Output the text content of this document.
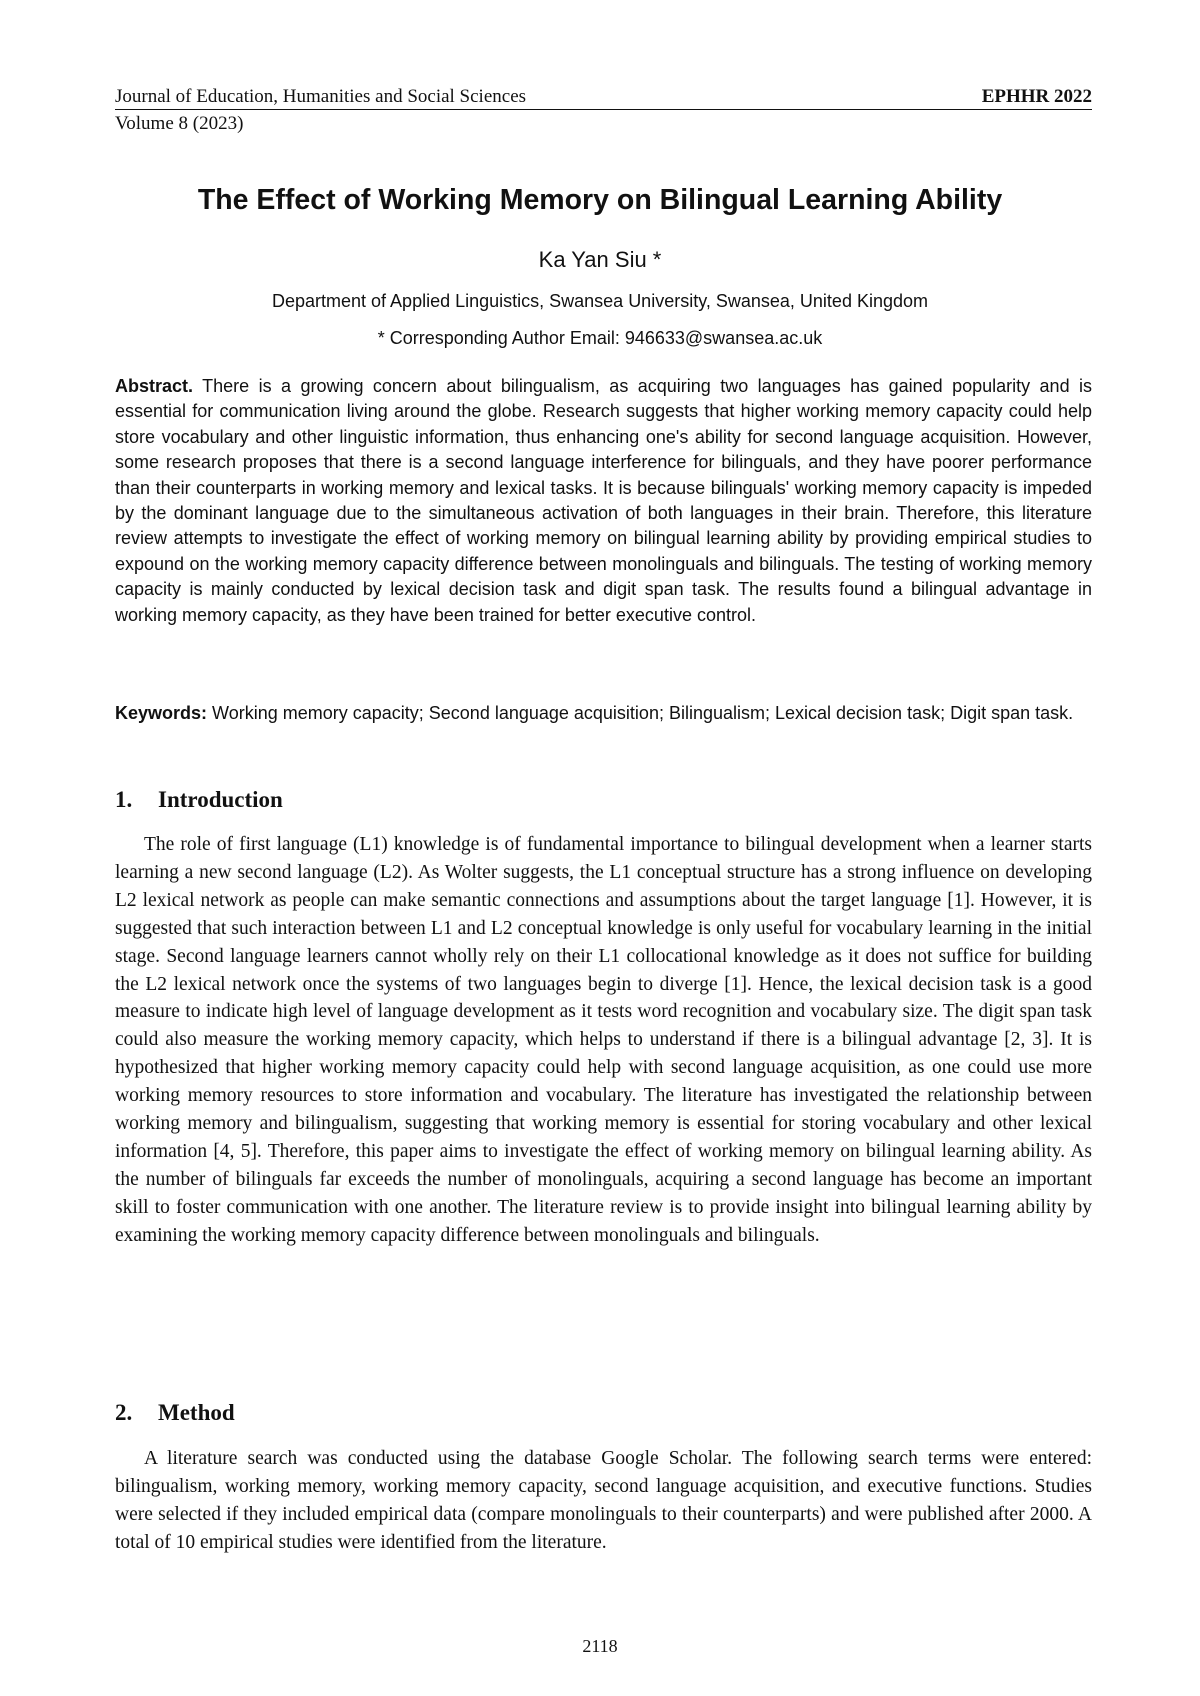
Journal of Education, Humanities and Social Sciences	EPHHR 2022
Volume 8 (2023)
The Effect of Working Memory on Bilingual Learning Ability
Ka Yan Siu *
Department of Applied Linguistics, Swansea University, Swansea, United Kingdom
* Corresponding Author Email: 946633@swansea.ac.uk
Abstract. There is a growing concern about bilingualism, as acquiring two languages has gained popularity and is essential for communication living around the globe. Research suggests that higher working memory capacity could help store vocabulary and other linguistic information, thus enhancing one's ability for second language acquisition. However, some research proposes that there is a second language interference for bilinguals, and they have poorer performance than their counterparts in working memory and lexical tasks. It is because bilinguals' working memory capacity is impeded by the dominant language due to the simultaneous activation of both languages in their brain. Therefore, this literature review attempts to investigate the effect of working memory on bilingual learning ability by providing empirical studies to expound on the working memory capacity difference between monolinguals and bilinguals. The testing of working memory capacity is mainly conducted by lexical decision task and digit span task. The results found a bilingual advantage in working memory capacity, as they have been trained for better executive control.
Keywords: Working memory capacity; Second language acquisition; Bilingualism; Lexical decision task; Digit span task.
1. Introduction
The role of first language (L1) knowledge is of fundamental importance to bilingual development when a learner starts learning a new second language (L2). As Wolter suggests, the L1 conceptual structure has a strong influence on developing L2 lexical network as people can make semantic connections and assumptions about the target language [1]. However, it is suggested that such interaction between L1 and L2 conceptual knowledge is only useful for vocabulary learning in the initial stage. Second language learners cannot wholly rely on their L1 collocational knowledge as it does not suffice for building the L2 lexical network once the systems of two languages begin to diverge [1]. Hence, the lexical decision task is a good measure to indicate high level of language development as it tests word recognition and vocabulary size. The digit span task could also measure the working memory capacity, which helps to understand if there is a bilingual advantage [2, 3]. It is hypothesized that higher working memory capacity could help with second language acquisition, as one could use more working memory resources to store information and vocabulary. The literature has investigated the relationship between working memory and bilingualism, suggesting that working memory is essential for storing vocabulary and other lexical information [4, 5]. Therefore, this paper aims to investigate the effect of working memory on bilingual learning ability. As the number of bilinguals far exceeds the number of monolinguals, acquiring a second language has become an important skill to foster communication with one another. The literature review is to provide insight into bilingual learning ability by examining the working memory capacity difference between monolinguals and bilinguals.
2. Method
A literature search was conducted using the database Google Scholar. The following search terms were entered: bilingualism, working memory, working memory capacity, second language acquisition, and executive functions. Studies were selected if they included empirical data (compare monolinguals to their counterparts) and were published after 2000. A total of 10 empirical studies were identified from the literature.
2118
